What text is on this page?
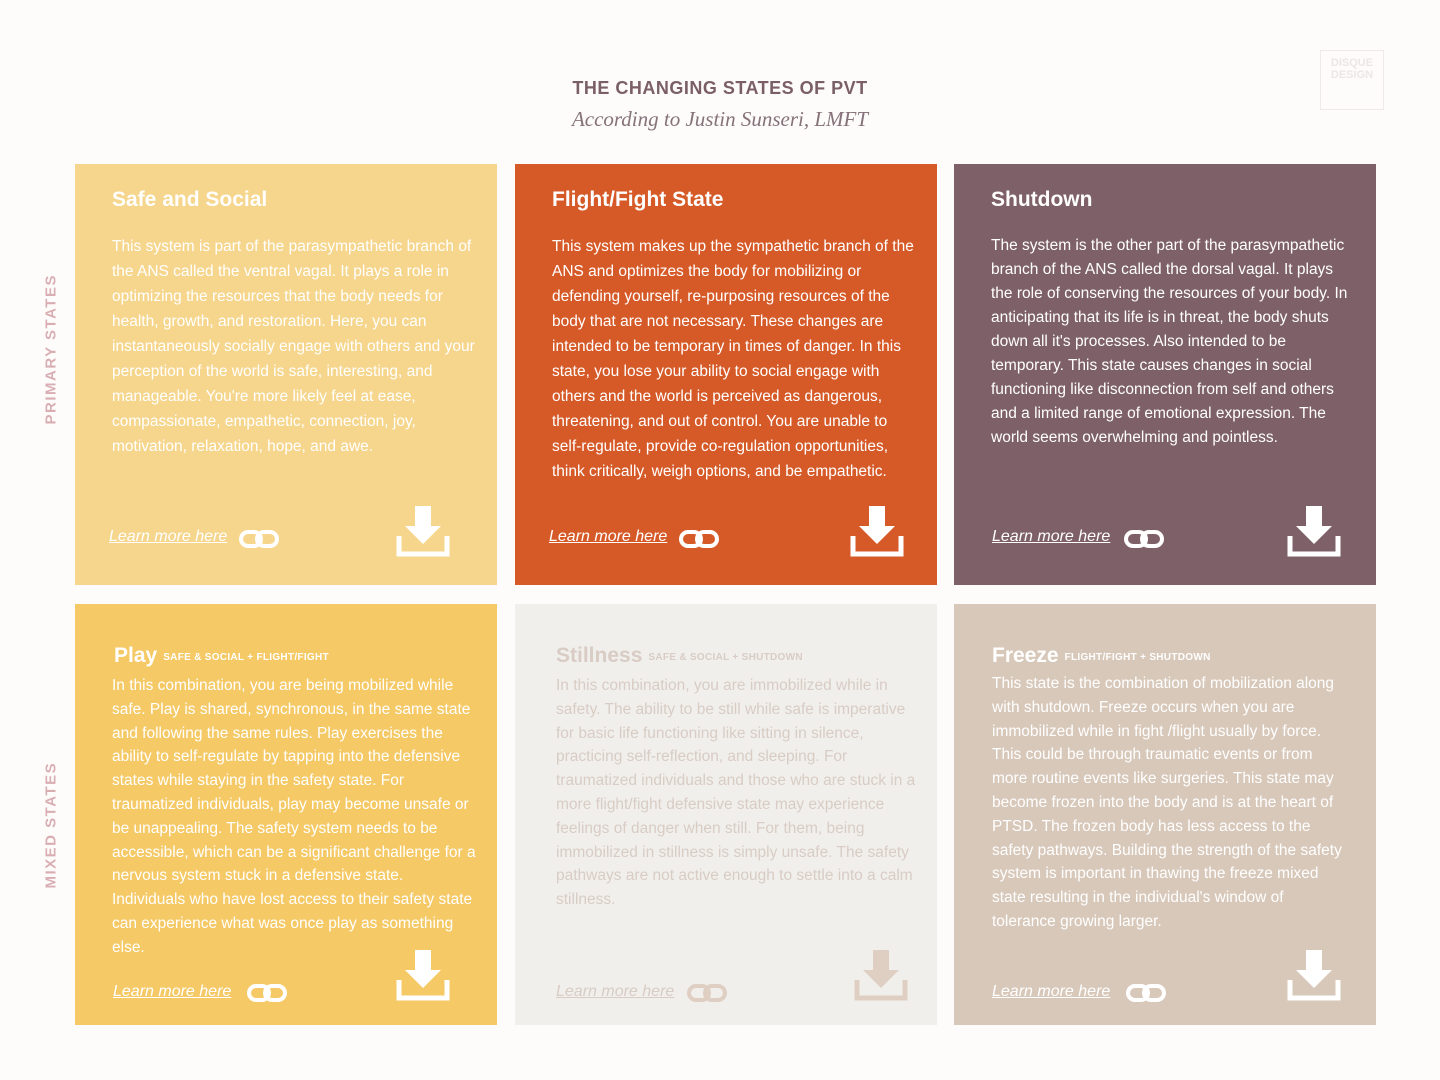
THE CHANGING STATES OF PVT
According to Justin Sunseri, LMFT
DISQUE
DESIGN
PRIMARY STATES
MIXED STATES
Safe and Social

This system is part of the parasympathetic branch of the ANS called the ventral vagal. It plays a role in optimizing the resources that the body needs for health, growth, and restoration. Here, you can instantaneously socially engage with others and your perception of the world is safe, interesting, and manageable. You're more likely feel at ease, compassionate, empathetic, connection, joy, motivation, relaxation, hope, and awe.

Learn more here
Flight/Fight State

This system makes up the sympathetic branch of the ANS and optimizes the body for mobilizing or defending yourself, re-purposing resources of the body that are not necessary. These changes are intended to be temporary in times of danger. In this state, you lose your ability to social engage with others and the world is perceived as dangerous, threatening, and out of control. You are unable to self-regulate, provide co-regulation opportunities, think critically, weigh options, and be empathetic.

Learn more here
Shutdown

The system is the other part of the parasympathetic branch of the ANS called the dorsal vagal. It plays the role of conserving the resources of your body. In anticipating that its life is in threat, the body shuts down all it's processes. Also intended to be temporary. This state causes changes in social functioning like disconnection from self and others and a limited range of emotional expression. The world seems overwhelming and pointless.

Learn more here
Play SAFE & SOCIAL + FLIGHT/FIGHT

In this combination, you are being mobilized while safe. Play is shared, synchronous, in the same state and following the same rules. Play exercises the ability to self-regulate by tapping into the defensive states while staying in the safety state. For traumatized individuals, play may become unsafe or be unappealing. The safety system needs to be accessible, which can be a significant challenge for a nervous system stuck in a defensive state. Individuals who have lost access to their safety state can experience what was once play as something else.

Learn more here
Stillness SAFE & SOCIAL + SHUTDOWN

In this combination, you are immobilized while in safety. The ability to be still while safe is imperative for basic life functioning like sitting in silence, practicing self-reflection, and sleeping. For traumatized individuals and those who are stuck in a more flight/fight defensive state may experience feelings of danger when still. For them, being immobilized in stillness is simply unsafe. The safety pathways are not active enough to settle into a calm stillness.

Learn more here
Freeze FLIGHT/FIGHT + SHUTDOWN

This state is the combination of mobilization along with shutdown. Freeze occurs when you are immobilized while in fight /flight usually by force. This could be through traumatic events or from more routine events like surgeries. This state may become frozen into the body and is at the heart of PTSD. The frozen body has less access to the safety pathways. Building the strength of the safety system is important in thawing the freeze mixed state resulting in the individual's window of tolerance growing larger.

Learn more here
